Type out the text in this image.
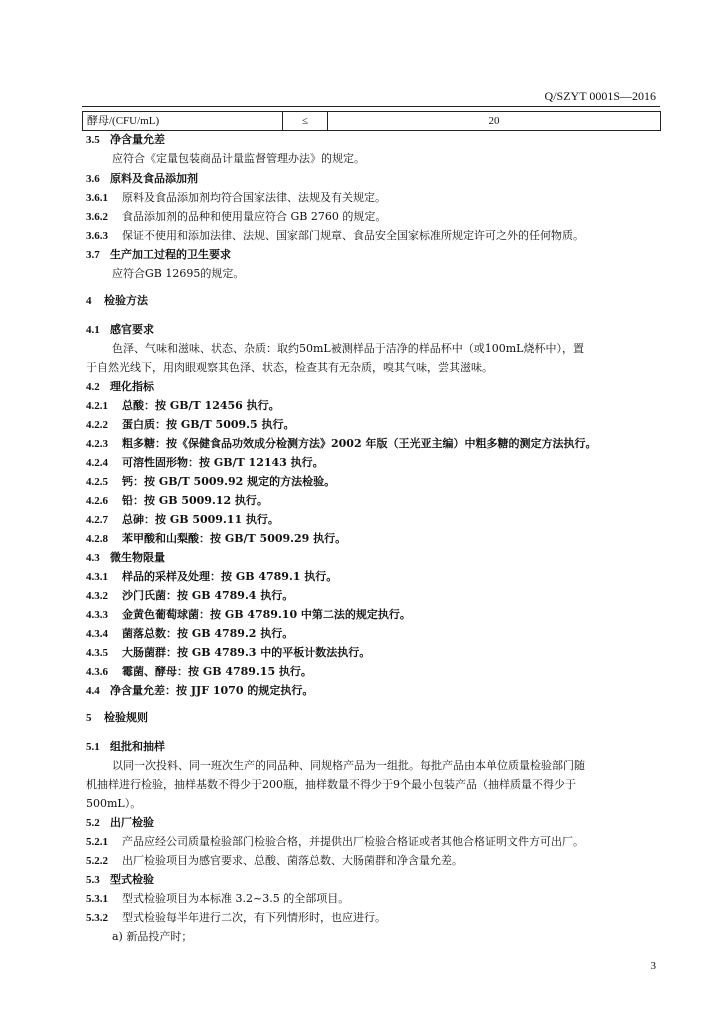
Q/SZYT 0001S—2016
酵母/(CFU/mL)	≤	20
3.5 净含量允差
应符合《定量包装商品计量监督管理办法》的规定。
3.6 原料及食品添加剂
3.6.1 原料及食品添加剂均符合国家法律、法规及有关规定。
3.6.2 食品添加剂的品种和使用量应符合 GB 2760 的规定。
3.6.3 保证不使用和添加法律、法规、国家部门规章、食品安全国家标准所规定许可之外的任何物质。
3.7 生产加工过程的卫生要求
应符合GB 12695的规定。
4 检验方法
4.1 感官要求
色泽、气味和滋味、状态、杂质：取约50mL被测样品于洁净的样品杯中（或100mL烧杯中），置
于自然光线下，用肉眼观察其色泽、状态，检查其有无杂质，嗅其气味，尝其滋味。
4.2 理化指标
4.2.1 总酸：按 GB/T 12456 执行。
4.2.2 蛋白质：按 GB/T 5009.5 执行。
4.2.3 粗多糖：按《保健食品功效成分检测方法》2002 年版（王光亚主编）中粗多糖的测定方法执行。
4.2.4 可溶性固形物：按 GB/T 12143 执行。
4.2.5 钙：按 GB/T 5009.92 规定的方法检验。
4.2.6 铅：按 GB 5009.12 执行。
4.2.7 总砷：按 GB 5009.11 执行。
4.2.8 苯甲酸和山梨酸：按 GB/T 5009.29 执行。
4.3 微生物限量
4.3.1 样品的采样及处理：按 GB 4789.1 执行。
4.3.2 沙门氏菌：按 GB 4789.4 执行。
4.3.3 金黄色葡萄球菌：按 GB 4789.10 中第二法的规定执行。
4.3.4 菌落总数：按 GB 4789.2 执行。
4.3.5 大肠菌群：按 GB 4789.3 中的平板计数法执行。
4.3.6 霉菌、酵母：按 GB 4789.15 执行。
4.4 净含量允差：按 JJF 1070 的规定执行。
5 检验规则
5.1 组批和抽样
以同一次投料、同一班次生产的同品种、同规格产品为一组批。每批产品由本单位质量检验部门随
机抽样进行检验，抽样基数不得少于200瓶，抽样数量不得少于9个最小包装产品（抽样质量不得少于
500mL）。
5.2 出厂检验
5.2.1 产品应经公司质量检验部门检验合格，并提供出厂检验合格证或者其他合格证明文件方可出厂。
5.2.2 出厂检验项目为感官要求、总酸、菌落总数、大肠菌群和净含量允差。
5.3 型式检验
5.3.1 型式检验项目为本标准 3.2~3.5 的全部项目。
5.3.2 型式检验每半年进行二次，有下列情形时，也应进行。
a) 新品投产时；
3
